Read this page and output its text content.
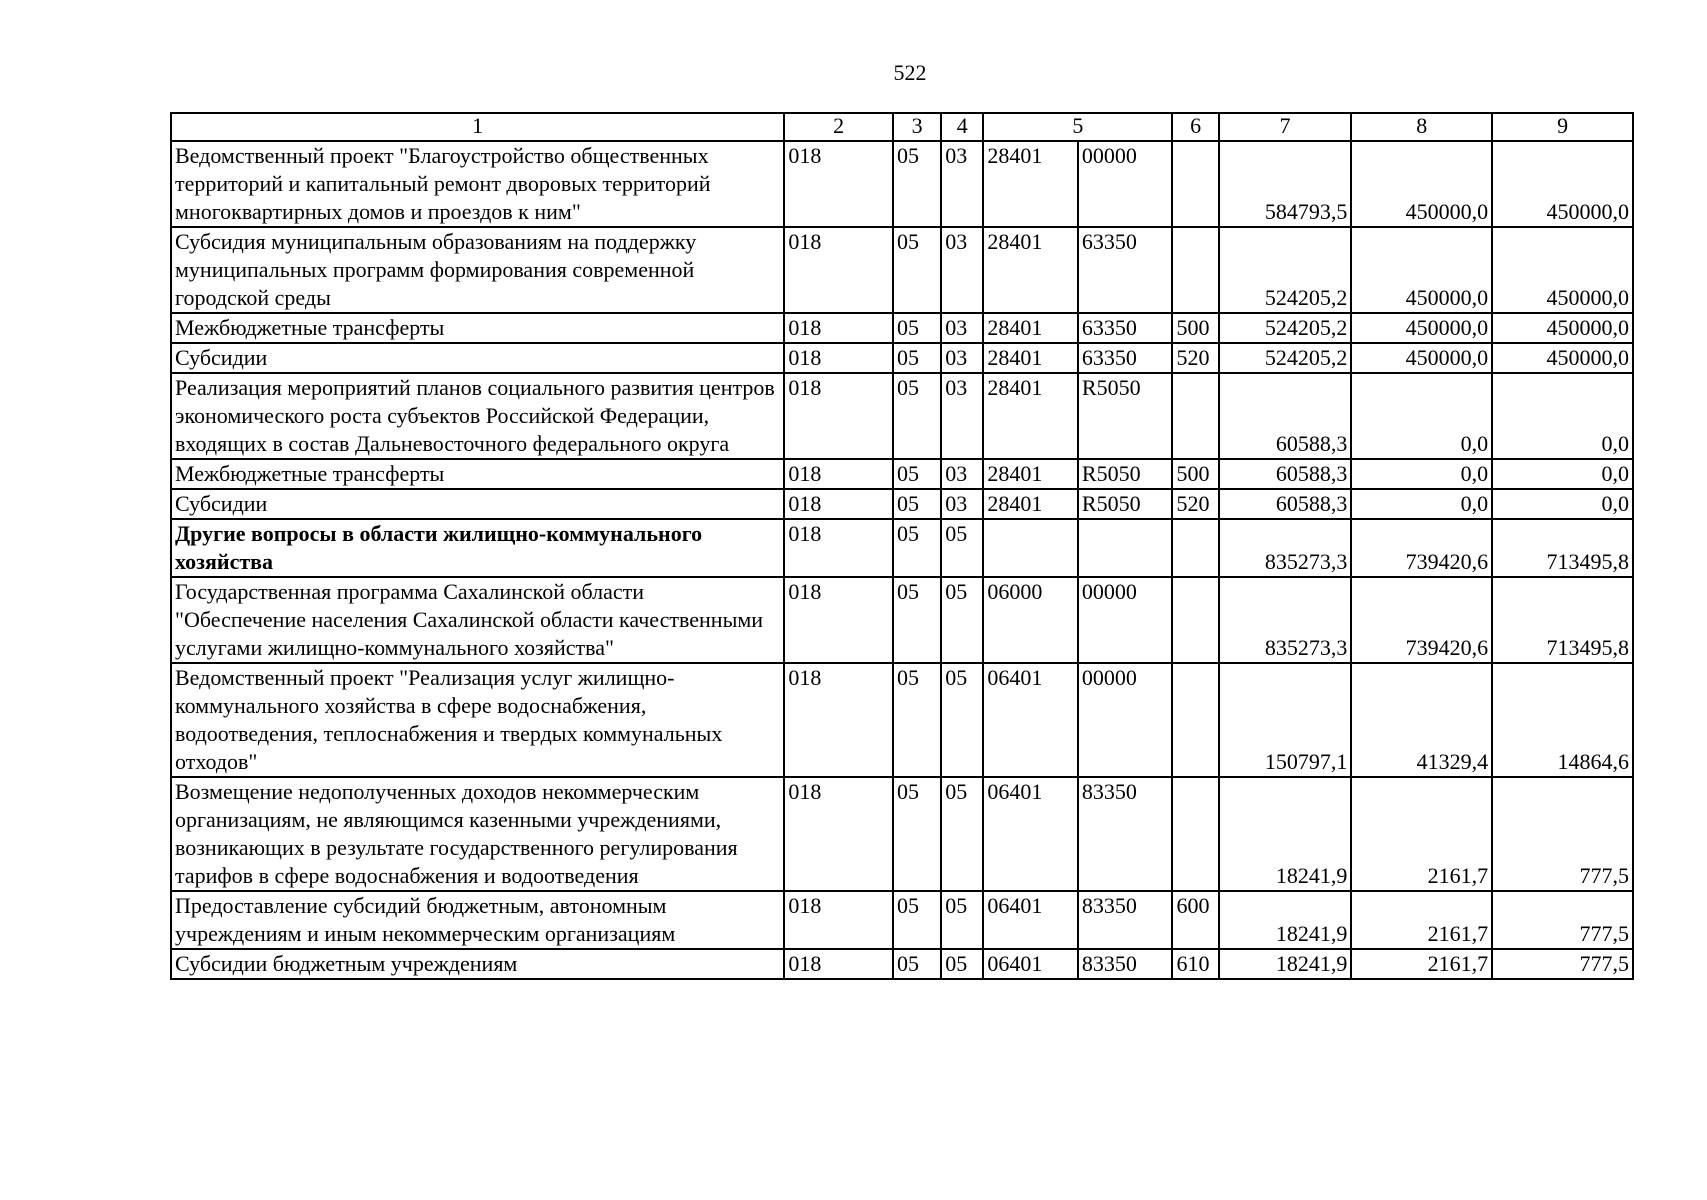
522
1	2	3	4	5		6	7	8	9
Ведомственный проект "Благоустройство общественных территорий и капитальный ремонт дворовых территорий многоквартирных домов и проездов к ним"	018	05	03	28401	00000		584793,5	450000,0	450000,0
Субсидия муниципальным образованиям на поддержку муниципальных программ формирования современной городской среды	018	05	03	28401	63350		524205,2	450000,0	450000,0
Межбюджетные трансферты	018	05	03	28401	63350	500	524205,2	450000,0	450000,0
Субсидии	018	05	03	28401	63350	520	524205,2	450000,0	450000,0
Реализация мероприятий планов социального развития центров экономического роста субъектов Российской Федерации, входящих в состав Дальневосточного федерального округа	018	05	03	28401	R5050		60588,3	0,0	0,0
Межбюджетные трансферты	018	05	03	28401	R5050	500	60588,3	0,0	0,0
Субсидии	018	05	03	28401	R5050	520	60588,3	0,0	0,0
Другие вопросы в области жилищно-коммунального хозяйства	018	05	05				835273,3	739420,6	713495,8
Государственная программа Сахалинской области "Обеспечение населения Сахалинской области качественными услугами жилищно-коммунального хозяйства"	018	05	05	06000	00000		835273,3	739420,6	713495,8
Ведомственный проект "Реализация услуг жилищно-коммунального хозяйства в сфере водоснабжения, водоотведения, теплоснабжения и твердых коммунальных отходов"	018	05	05	06401	00000		150797,1	41329,4	14864,6
Возмещение недополученных доходов некоммерческим организациям, не являющимся казенными учреждениями, возникающих в результате государственного регулирования тарифов в сфере водоснабжения и водоотведения	018	05	05	06401	83350		18241,9	2161,7	777,5
Предоставление субсидий бюджетным, автономным учреждениям и иным некоммерческим организациям	018	05	05	06401	83350	600	18241,9	2161,7	777,5
Субсидии бюджетным учреждениям	018	05	05	06401	83350	610	18241,9	2161,7	777,5
